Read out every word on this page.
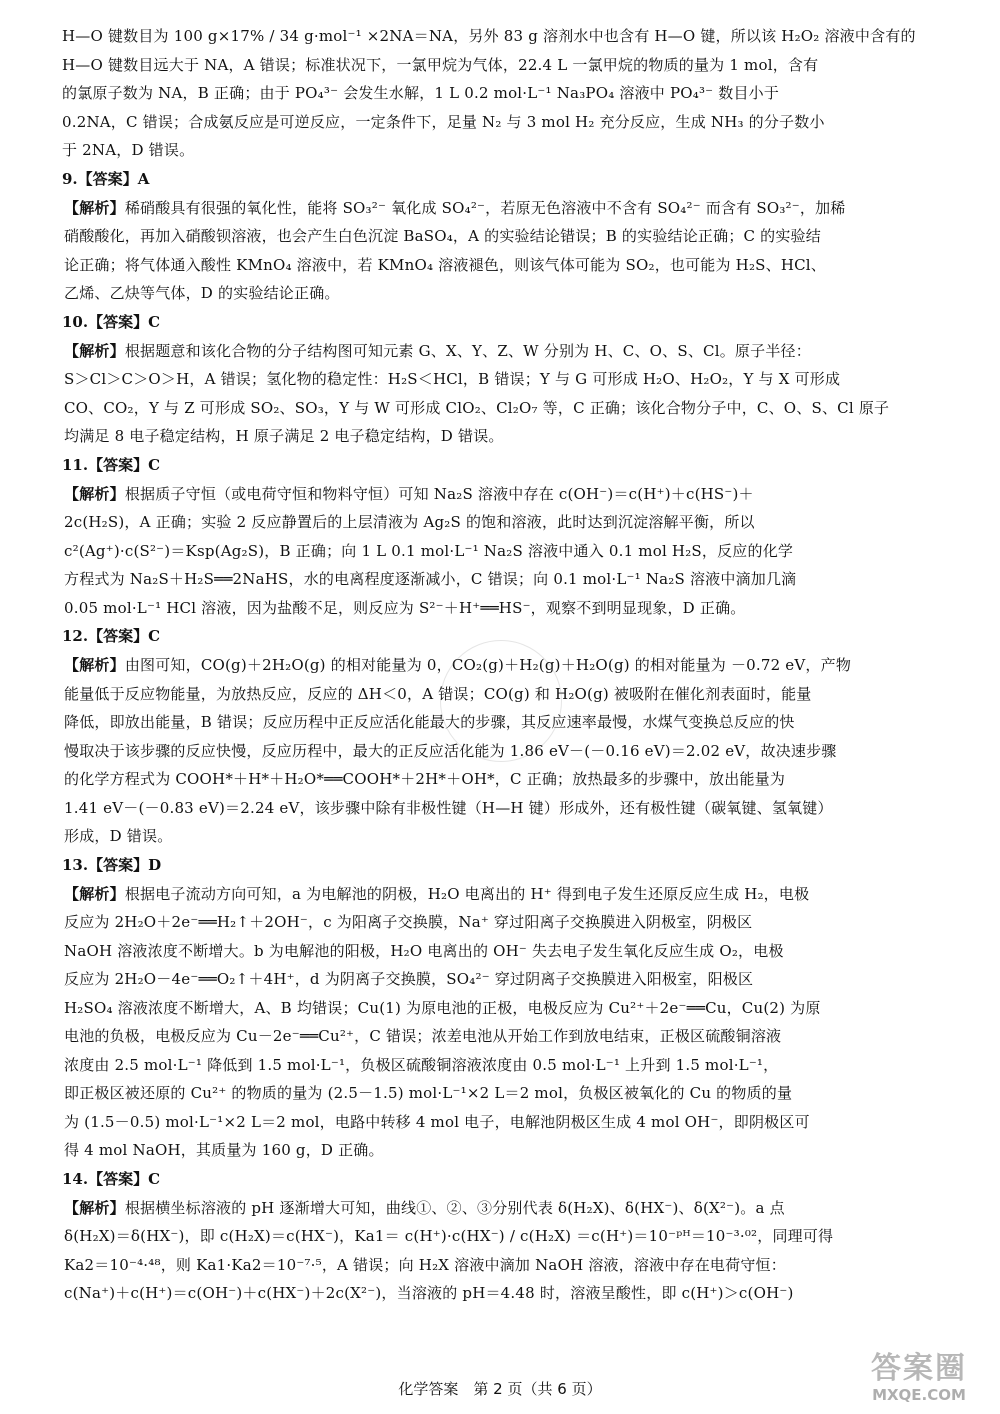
H—O 键数目为 100 g×17% / 34 g·mol⁻¹ ×2NA＝NA，另外 83 g 溶剂水中也含有 H—O 键，所以该 H₂O₂ 溶液中含有的

H—O 键数目远大于 NA，A 错误；标准状况下，一氯甲烷为气体，22.4 L 一氯甲烷的物质的量为 1 mol，含有

的氯原子数为 NA，B 正确；由于 PO₄³⁻ 会发生水解，1 L 0.2 mol·L⁻¹ Na₃PO₄ 溶液中 PO₄³⁻ 数目小于

0.2NA，C 错误；合成氨反应是可逆反应，一定条件下，足量 N₂ 与 3 mol H₂ 充分反应，生成 NH₃ 的分子数小

于 2NA，D 错误。

9.【答案】A

【解析】稀硝酸具有很强的氧化性，能将 SO₃²⁻ 氧化成 SO₄²⁻，若原无色溶液中不含有 SO₄²⁻ 而含有 SO₃²⁻，加稀

硝酸酸化，再加入硝酸钡溶液，也会产生白色沉淀 BaSO₄，A 的实验结论错误；B 的实验结论正确；C 的实验结

论正确；将气体通入酸性 KMnO₄ 溶液中，若 KMnO₄ 溶液褪色，则该气体可能为 SO₂，也可能为 H₂S、HCl、

乙烯、乙炔等气体，D 的实验结论正确。

10.【答案】C

【解析】根据题意和该化合物的分子结构图可知元素 G、X、Y、Z、W 分别为 H、C、O、S、Cl。原子半径：

S＞Cl＞C＞O＞H，A 错误；氢化物的稳定性：H₂S＜HCl，B 错误；Y 与 G 可形成 H₂O、H₂O₂，Y 与 X 可形成

CO、CO₂，Y 与 Z 可形成 SO₂、SO₃，Y 与 W 可形成 ClO₂、Cl₂O₇ 等，C 正确；该化合物分子中，C、O、S、Cl 原子

均满足 8 电子稳定结构，H 原子满足 2 电子稳定结构，D 错误。

11.【答案】C

【解析】根据质子守恒（或电荷守恒和物料守恒）可知 Na₂S 溶液中存在 c(OH⁻)＝c(H⁺)＋c(HS⁻)＋

2c(H₂S)，A 正确；实验 2 反应静置后的上层清液为 Ag₂S 的饱和溶液，此时达到沉淀溶解平衡，所以

c²(Ag⁺)·c(S²⁻)＝Ksp(Ag₂S)，B 正确；向 1 L 0.1 mol·L⁻¹ Na₂S 溶液中通入 0.1 mol H₂S，反应的化学

方程式为 Na₂S＋H₂S══2NaHS，水的电离程度逐渐减小，C 错误；向 0.1 mol·L⁻¹ Na₂S 溶液中滴加几滴

0.05 mol·L⁻¹ HCl 溶液，因为盐酸不足，则反应为 S²⁻＋H⁺══HS⁻，观察不到明显现象，D 正确。

12.【答案】C

【解析】由图可知，CO(g)＋2H₂O(g) 的相对能量为 0，CO₂(g)＋H₂(g)＋H₂O(g) 的相对能量为 －0.72 eV，产物

能量低于反应物能量，为放热反应，反应的 ΔH＜0，A 错误；CO(g) 和 H₂O(g) 被吸附在催化剂表面时，能量

降低，即放出能量，B 错误；反应历程中正反应活化能最大的步骤，其反应速率最慢，水煤气变换总反应的快

慢取决于该步骤的反应快慢，反应历程中，最大的正反应活化能为 1.86 eV－(－0.16 eV)＝2.02 eV，故决速步骤

的化学方程式为 COOH*＋H*＋H₂O*══COOH*＋2H*＋OH*，C 正确；放热最多的步骤中，放出能量为

1.41 eV－(－0.83 eV)＝2.24 eV，该步骤中除有非极性键（H—H 键）形成外，还有极性键（碳氧键、氢氧键）

形成，D 错误。

13.【答案】D

【解析】根据电子流动方向可知，a 为电解池的阴极，H₂O 电离出的 H⁺ 得到电子发生还原反应生成 H₂，电极

反应为 2H₂O＋2e⁻══H₂↑＋2OH⁻，c 为阳离子交换膜，Na⁺ 穿过阳离子交换膜进入阴极室，阴极区

NaOH 溶液浓度不断增大。b 为电解池的阳极，H₂O 电离出的 OH⁻ 失去电子发生氧化反应生成 O₂，电极

反应为 2H₂O－4e⁻══O₂↑＋4H⁺，d 为阴离子交换膜，SO₄²⁻ 穿过阴离子交换膜进入阳极室，阳极区

H₂SO₄ 溶液浓度不断增大，A、B 均错误；Cu(1) 为原电池的正极，电极反应为 Cu²⁺＋2e⁻══Cu，Cu(2) 为原

电池的负极，电极反应为 Cu－2e⁻══Cu²⁺，C 错误；浓差电池从开始工作到放电结束，正极区硫酸铜溶液

浓度由 2.5 mol·L⁻¹ 降低到 1.5 mol·L⁻¹，负极区硫酸铜溶液浓度由 0.5 mol·L⁻¹ 上升到 1.5 mol·L⁻¹，

即正极区被还原的 Cu²⁺ 的物质的量为 (2.5－1.5) mol·L⁻¹×2 L＝2 mol，负极区被氧化的 Cu 的物质的量

为 (1.5－0.5) mol·L⁻¹×2 L＝2 mol，电路中转移 4 mol 电子，电解池阴极区生成 4 mol OH⁻，即阴极区可

得 4 mol NaOH，其质量为 160 g，D 正确。

14.【答案】C

【解析】根据横坐标溶液的 pH 逐渐增大可知，曲线①、②、③分别代表 δ(H₂X)、δ(HX⁻)、δ(X²⁻)。a 点

δ(H₂X)＝δ(HX⁻)，即 c(H₂X)＝c(HX⁻)，Ka1＝ c(H⁺)·c(HX⁻) / c(H₂X) ＝c(H⁺)＝10⁻ᵖᴴ＝10⁻³·⁰²，同理可得

Ka2＝10⁻⁴·⁴⁸，则 Ka1·Ka2＝10⁻⁷·⁵，A 错误；向 H₂X 溶液中滴加 NaOH 溶液，溶液中存在电荷守恒：

c(Na⁺)＋c(H⁺)＝c(OH⁻)＋c(HX⁻)＋2c(X²⁻)，当溶液的 pH＝4.48 时，溶液呈酸性，即 c(H⁺)＞c(OH⁻)

化学答案　第 2 页（共 6 页）
答案圈
MXQE.COM
